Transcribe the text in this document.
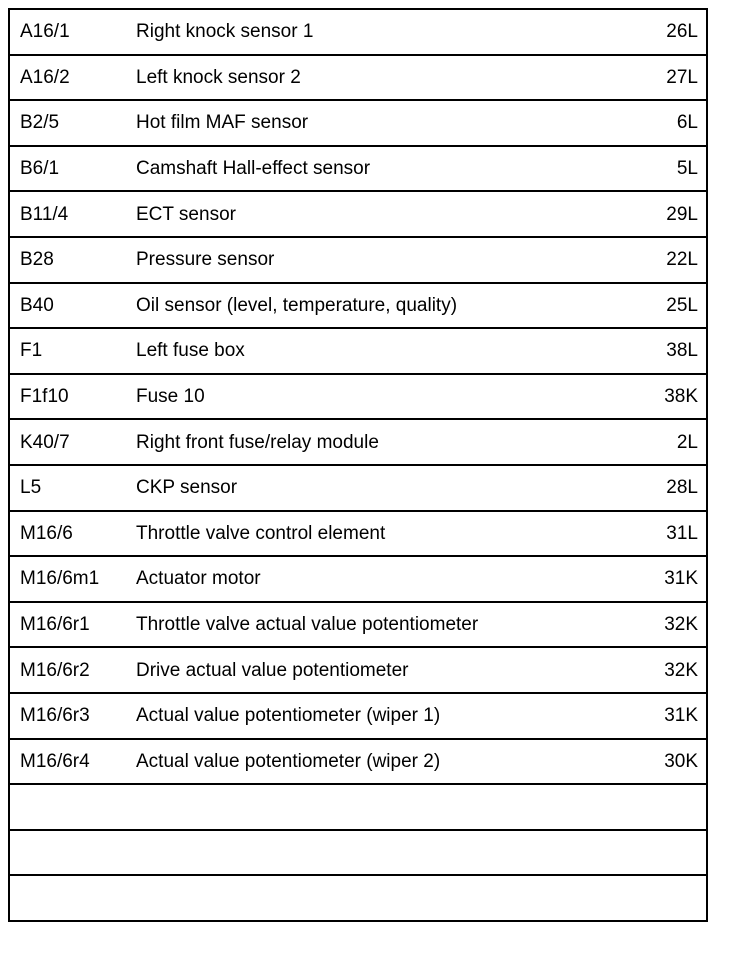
A16/1	Right knock sensor 1	26L
A16/2	Left knock sensor 2	27L
B2/5	Hot film MAF sensor	6L
B6/1	Camshaft Hall-effect sensor	5L
B11/4	ECT sensor	29L
B28	Pressure sensor	22L
B40	Oil sensor (level, temperature, quality)	25L
F1	Left fuse box	38L
F1f10	Fuse 10	38K
K40/7	Right front fuse/relay module	2L
L5	CKP sensor	28L
M16/6	Throttle valve control element	31L
M16/6m1 Actuator motor	31K
M16/6r1 Throttle valve actual value potentiometer	32K
M16/6r2 Drive actual value potentiometer	32K
M16/6r3 Actual value potentiometer (wiper 1)	31K
M16/6r4 Actual value potentiometer (wiper 2)	30K
